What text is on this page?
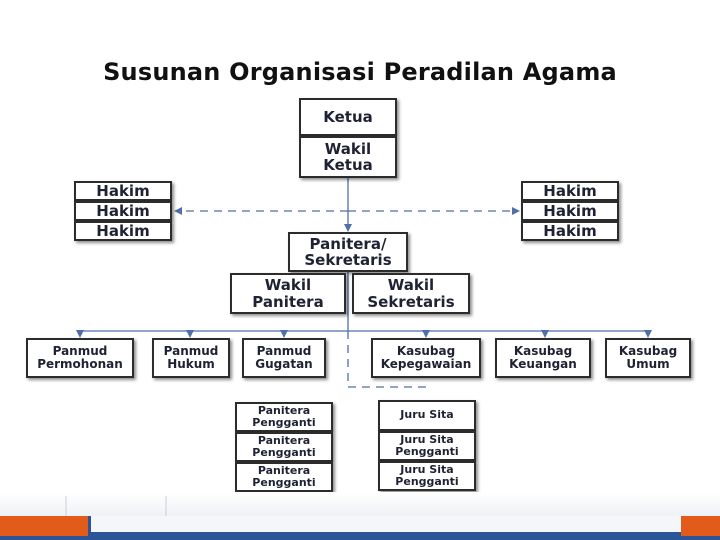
Susunan Organisasi Peradilan Agama
Ketua
Wakil
Ketua
Hakim
Hakim
Hakim
Hakim
Hakim
Hakim
Panitera/
Sekretaris
Wakil
Panitera
Wakil
Sekretaris
Panmud
Permohonan
Panmud
Hukum
Panmud
Gugatan
Kasubag
Kepegawaian
Kasubag
Keuangan
Kasubag
Umum
Panitera
Pengganti
Panitera
Pengganti
Panitera
Pengganti
Juru Sita
Juru Sita
Pengganti
Juru Sita
Pengganti
